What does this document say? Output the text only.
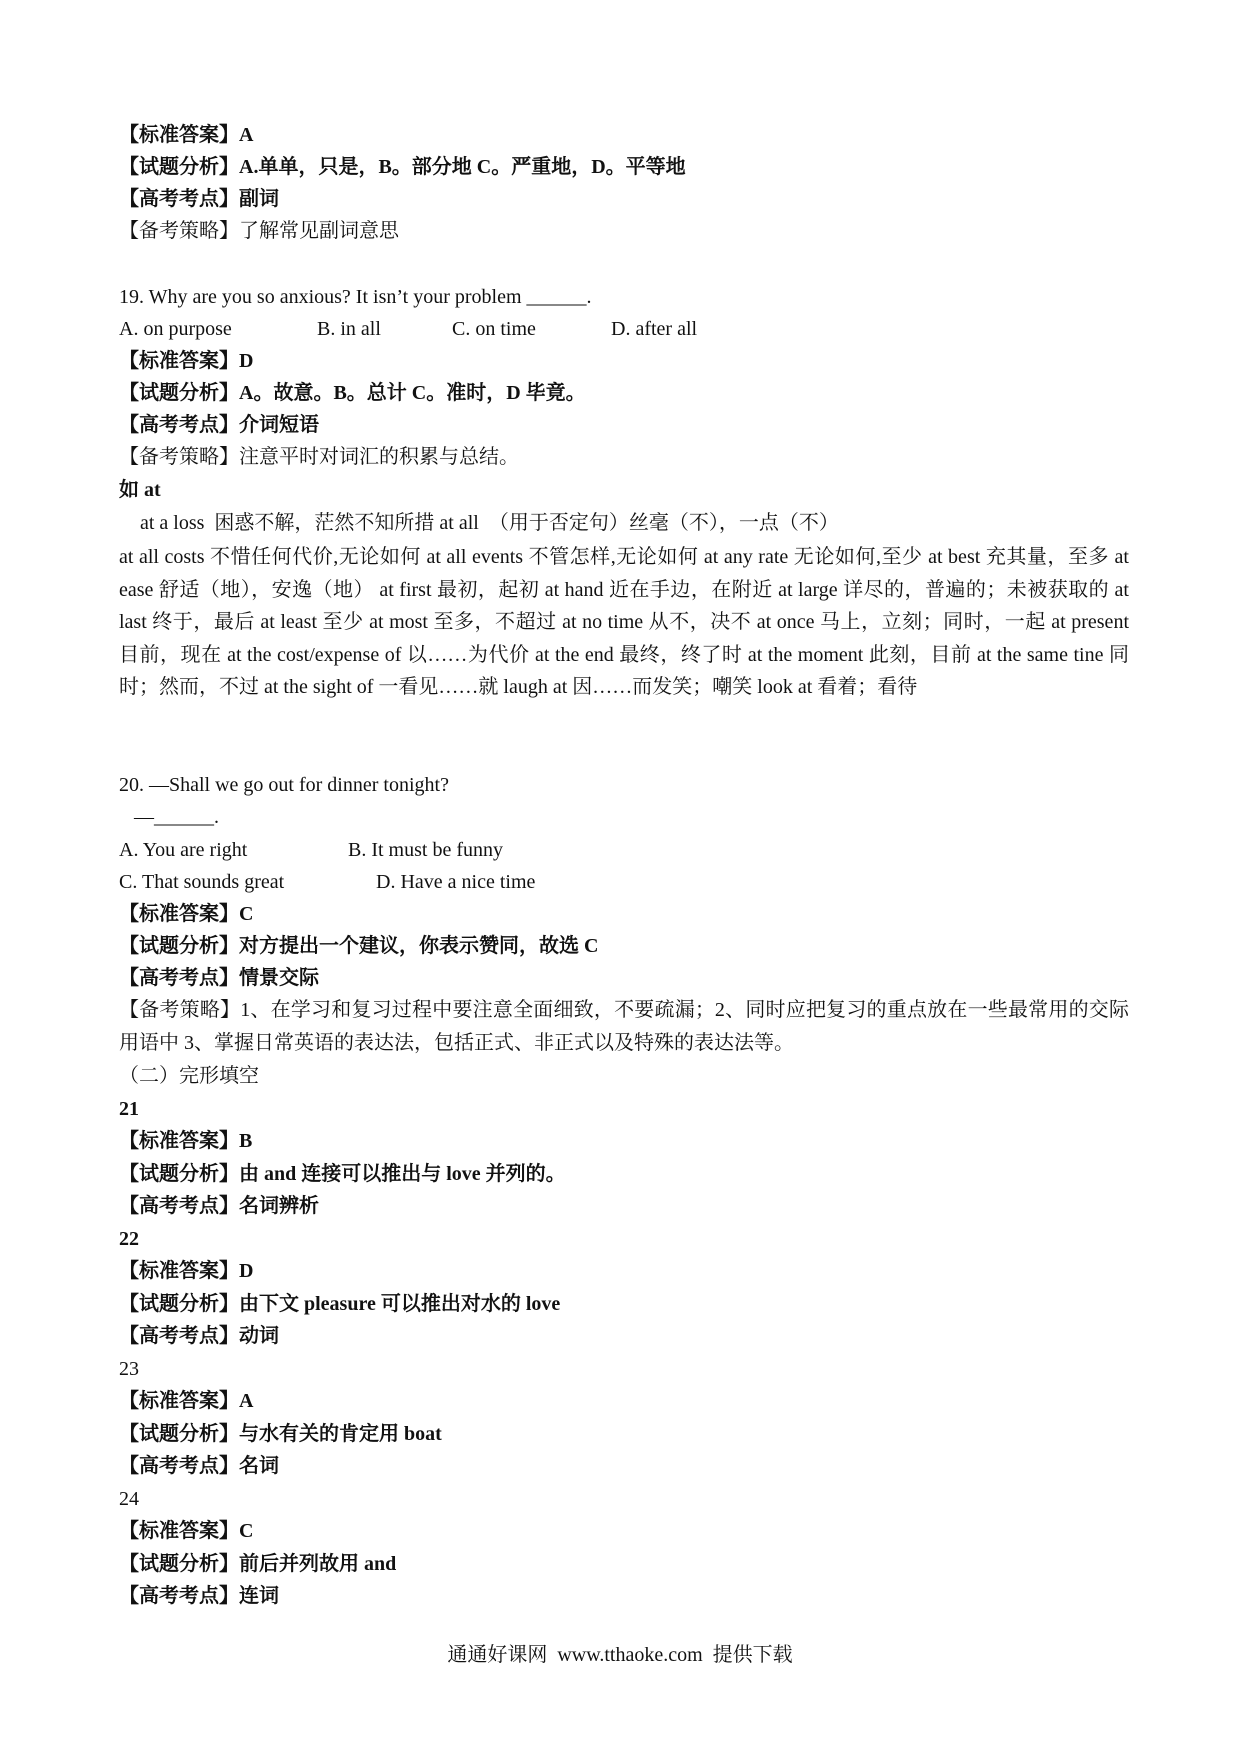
【标准答案】A
【试题分析】A.单单，只是，B。部分地 C。严重地，D。平等地
【高考考点】副词
【备考策略】了解常见副词意思
19. Why are you so anxious? It isn’t your problem ______.
A. on purpose	B. in all	C. on time	D. after all
【标准答案】D
【试题分析】A。故意。B。总计 C。准时，D 毕竟。
【高考考点】介词短语
【备考策略】注意平时对词汇的积累与总结。
如 at
at a loss  困惑不解，茫然不知所措 at all  （用于否定句）丝毫（不），一点（不）
at all costs 不惜任何代价,无论如何 at all events 不管怎样,无论如何 at any rate 无论如何,至少 at best 充其量，至多 at ease 舒适（地），安逸（地） at first 最初，起初 at hand 近在手边，在附近 at large 详尽的，普遍的；未被获取的 at last 终于，最后 at least 至少 at most 至多，不超过 at no time 从不，决不 at once 马上，立刻；同时，一起 at present 目前，现在 at the cost/expense of 以……为代价 at the end 最终，终了时 at the moment 此刻，目前 at the same tine 同时；然而，不过 at the sight of 一看见……就 laugh at 因……而发笑；嘲笑 look at 看着；看待
20. —Shall we go out for dinner tonight?
—______.
A. You are right	B. It must be funny
C. That sounds great	D. Have a nice time
【标准答案】C
【试题分析】对方提出一个建议，你表示赞同，故选 C
【高考考点】情景交际
【备考策略】1、在学习和复习过程中要注意全面细致，不要疏漏；2、同时应把复习的重点放在一些最常用的交际用语中 3、掌握日常英语的表达法，包括正式、非正式以及特殊的表达法等。
（二）完形填空
21
【标准答案】B
【试题分析】由 and 连接可以推出与 love 并列的。
【高考考点】名词辨析
22
【标准答案】D
【试题分析】由下文 pleasure 可以推出对水的 love
【高考考点】动词
23
【标准答案】A
【试题分析】与水有关的肯定用 boat
【高考考点】名词
24
【标准答案】C
【试题分析】前后并列故用 and
【高考考点】连词
通通好课网  www.tthaoke.com  提供下载
